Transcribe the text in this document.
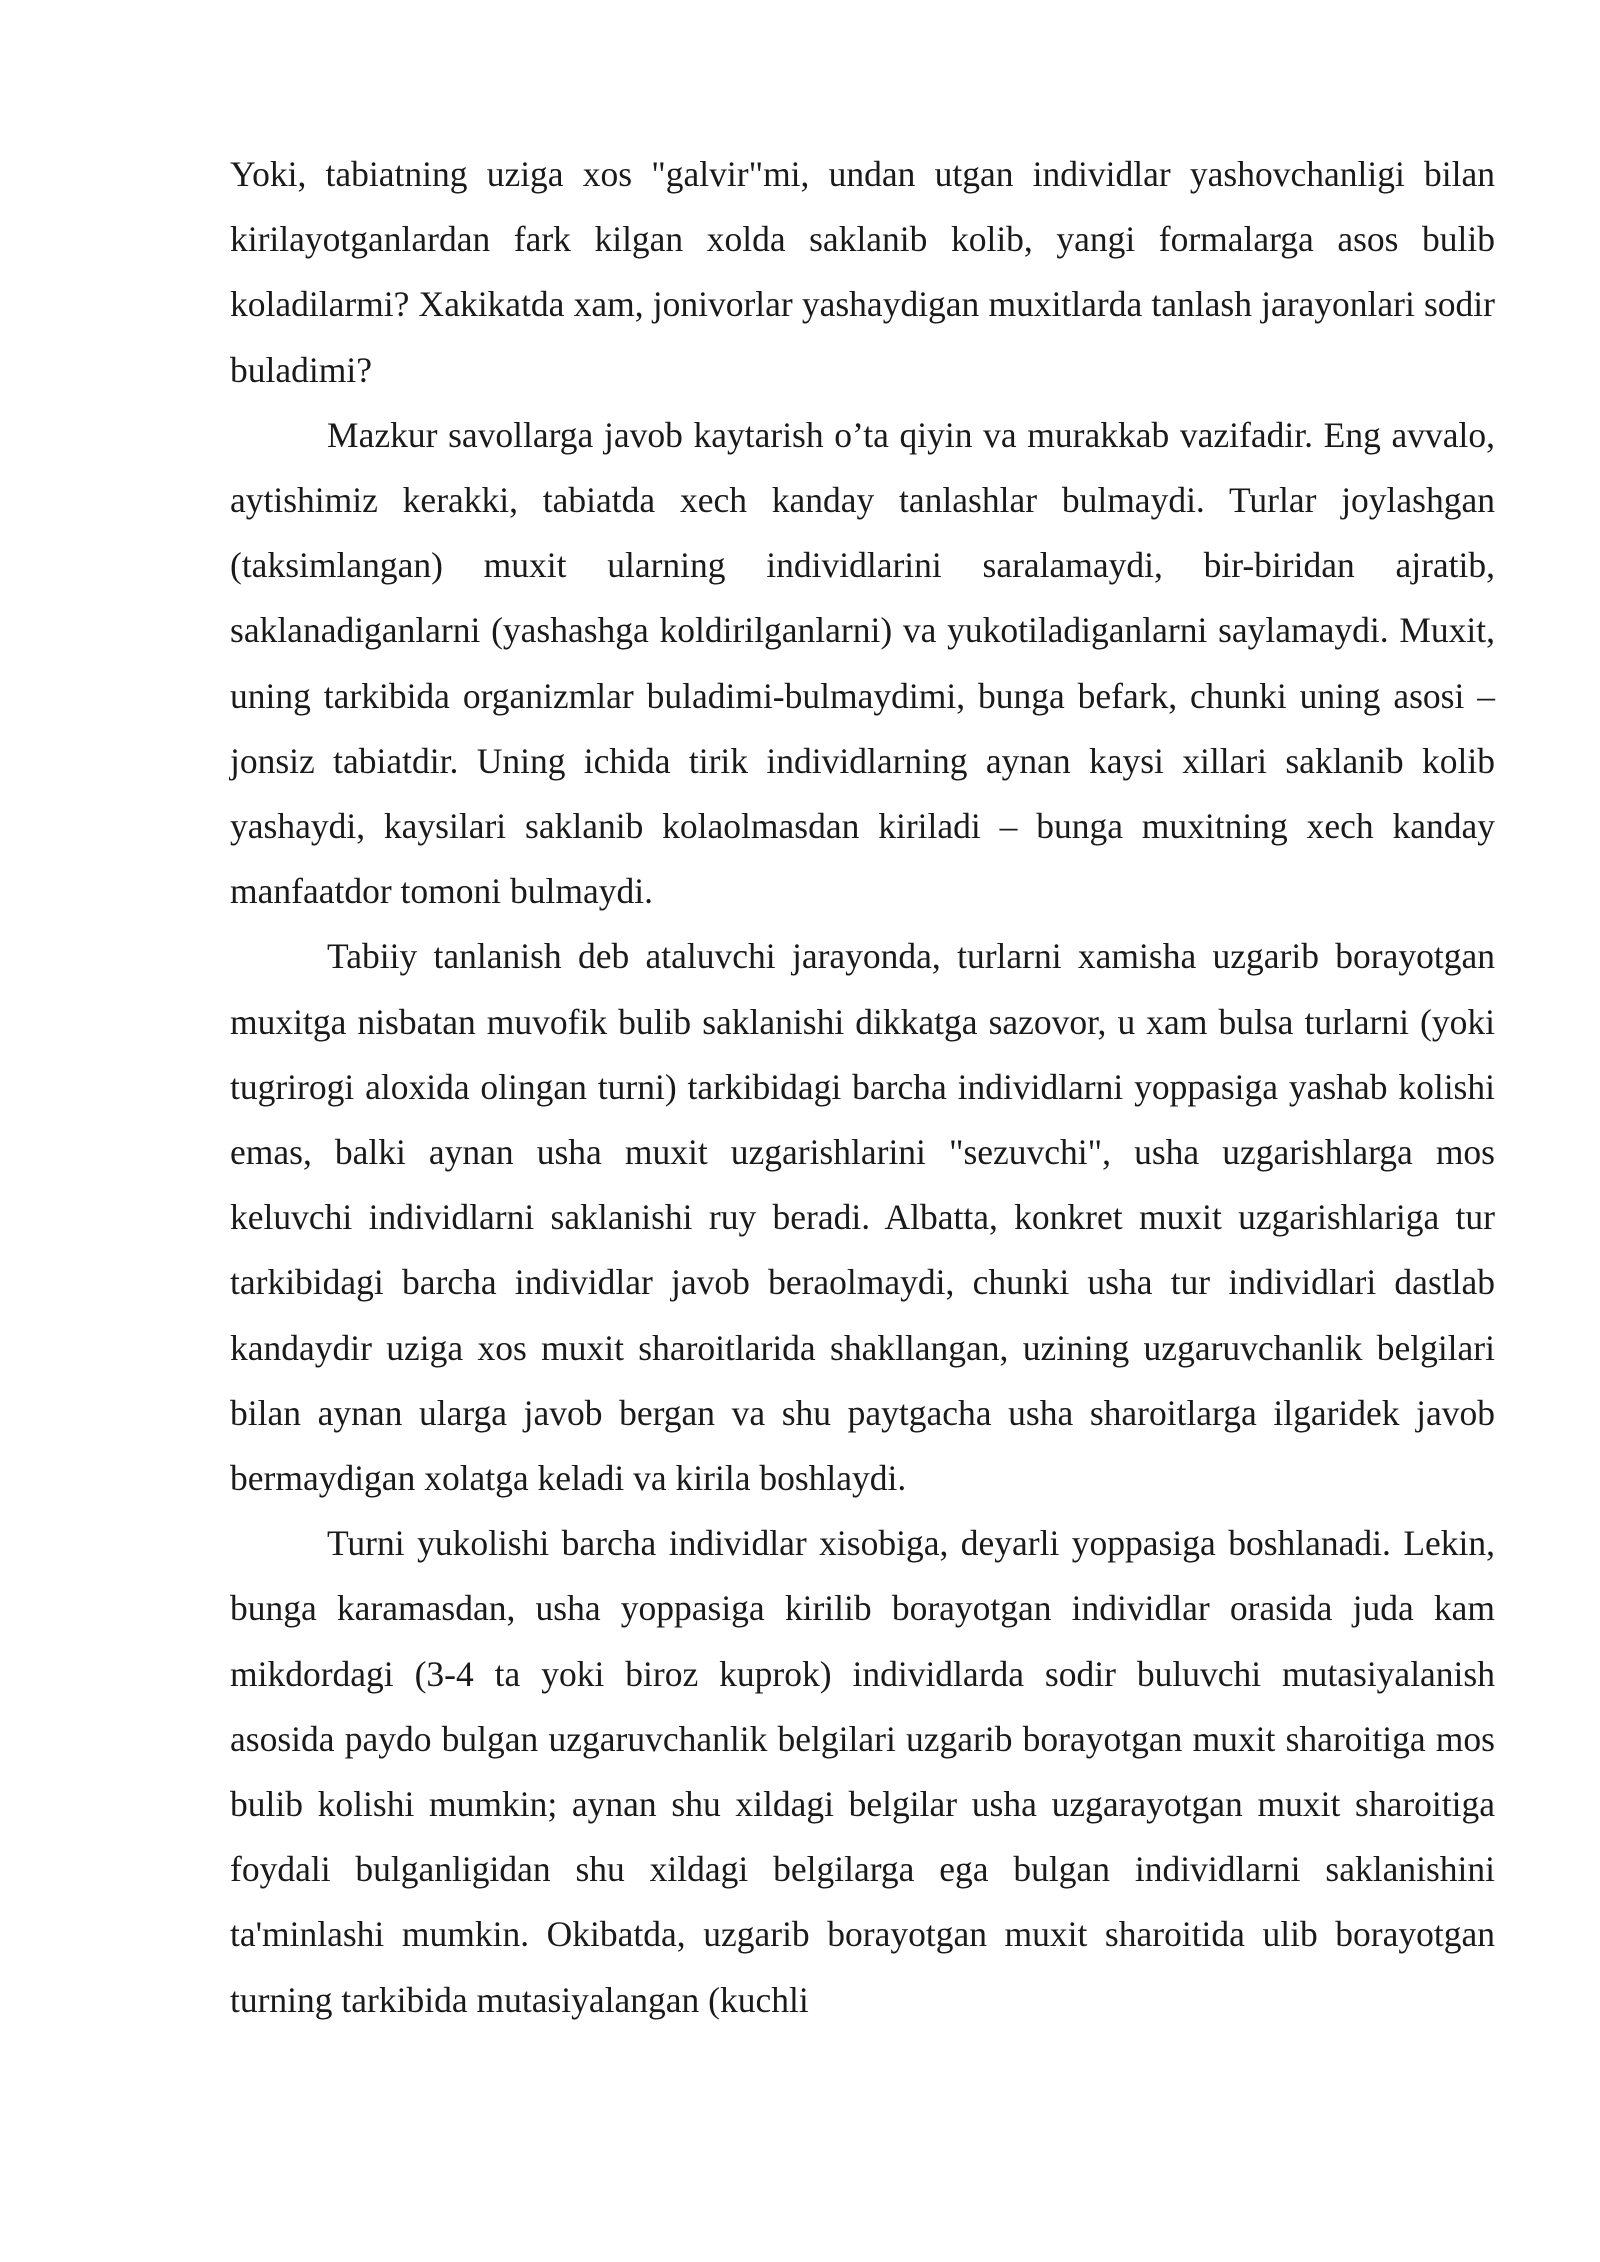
Yoki, tabiatning uziga xos "galvir"mi, undan utgan individlar yashovchanligi bilan kirilayotganlardan fark kilgan xolda saklanib kolib, yangi formalarga asos bulib koladilarmi? Xakikatda xam, jonivorlar yashaydigan muxitlarda tanlash jarayonlari sodir buladimi?

Mazkur savollarga javob kaytarish o’ta qiyin va murakkab vazifadir. Eng avvalo, aytishimiz kerakki, tabiatda xech kanday tanlashlar bulmaydi. Turlar joylashgan (taksimlangan) muxit ularning individlarini saralamaydi, bir-biridan ajratib, saklanadiganlarni (yashashga koldirilganlarni) va yukotiladiganlarni saylamaydi. Muxit, uning tarkibida organizmlar buladimi-bulmaydimi, bunga befark, chunki uning asosi – jonsiz tabiatdir. Uning ichida tirik individlarning aynan kaysi xillari saklanib kolib yashaydi, kaysilari saklanib kolaolmasdan kiriladi – bunga muxitning xech kanday manfaatdor tomoni bulmaydi.

Tabiiy tanlanish deb ataluvchi jarayonda, turlarni xamisha uzgarib borayotgan muxitga nisbatan muvofik bulib saklanishi dikkatga sazovor, u xam bulsa turlarni (yoki tugrirogi aloxida olingan turni) tarkibidagi barcha individlarni yoppasiga yashab kolishi emas, balki aynan usha muxit uzgarishlarini "sezuvchi", usha uzgarishlarga mos keluvchi individlarni saklanishi ruy beradi. Albatta, konkret muxit uzgarishlariga tur tarkibidagi barcha individlar javob beraolmaydi, chunki usha tur individlari dastlab kandaydir uziga xos muxit sharoitlarida shakllangan, uzining uzgaruvchanlik belgilari bilan aynan ularga javob bergan va shu paytgacha usha sharoitlarga ilgaridek javob bermaydigan xolatga keladi va kirila boshlaydi.

Turni yukolishi barcha individlar xisobiga, deyarli yoppasiga boshlanadi. Lekin, bunga karamasdan, usha yoppasiga kirilib borayotgan individlar orasida juda kam mikdordagi (3-4 ta yoki biroz kuprok) individlarda sodir buluvchi mutasiyalanish asosida paydo bulgan uzgaruvchanlik belgilari uzgarib borayotgan muxit sharoitiga mos bulib kolishi mumkin; aynan shu xildagi belgilar usha uzgarayotgan muxit sharoitiga foydali bulganligidan shu xildagi belgilarga ega bulgan individlarni saklanishini ta'minlashi mumkin. Okibatda, uzgarib borayotgan muxit sharoitida ulib borayotgan turning tarkibida mutasiyalangan (kuchli
